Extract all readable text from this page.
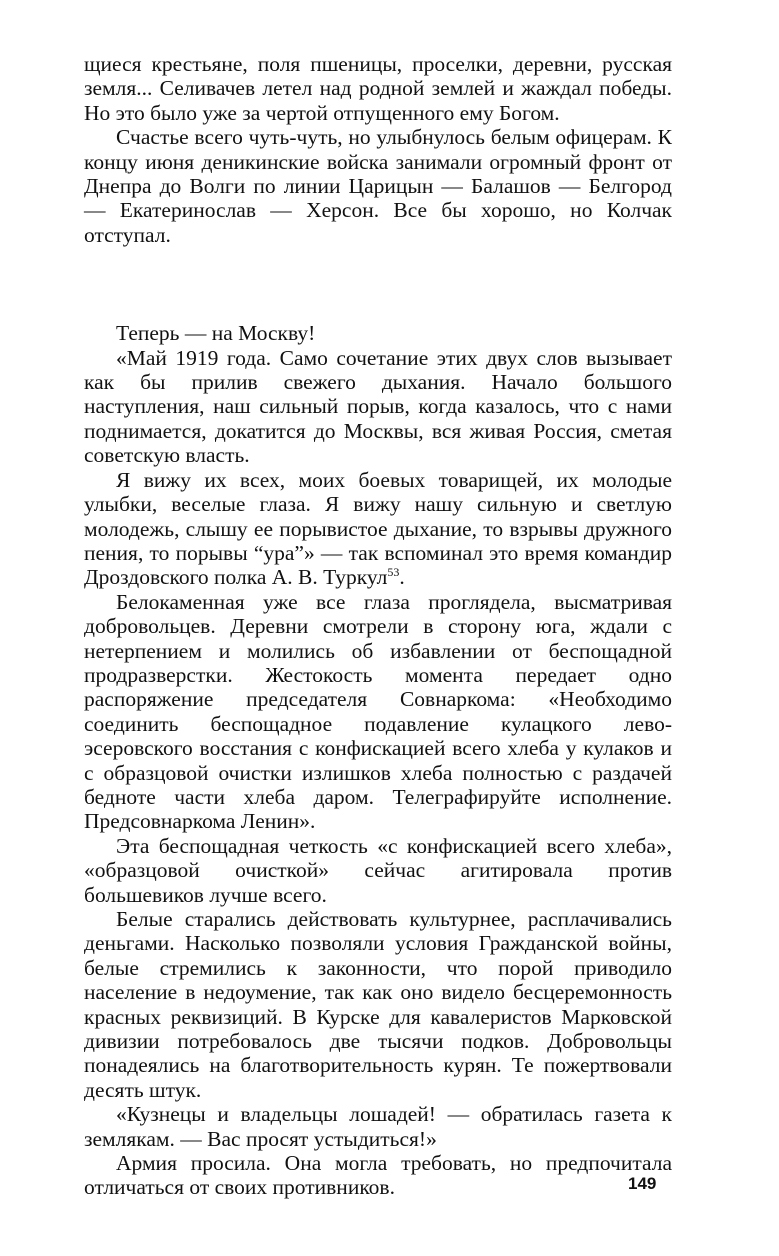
щиеся крестьяне, поля пшеницы, проселки, деревни, русская земля... Селивачев летел над родной землей и жаждал победы. Но это было уже за чертой отпущенного ему Богом.

Счастье всего чуть-чуть, но улыбнулось белым офицерам. К концу июня деникинские войска занимали огромный фронт от Днепра до Волги по линии Царицын — Балашов — Белгород — Екатеринослав — Херсон. Все бы хорошо, но Колчак отступал.

Теперь — на Москву!

«Май 1919 года. Само сочетание этих двух слов вызывает как бы прилив свежего дыхания. Начало большого наступления, наш сильный порыв, когда казалось, что с нами поднимается, докатится до Москвы, вся живая Россия, сметая советскую власть.

Я вижу их всех, моих боевых товарищей, их молодые улыбки, веселые глаза. Я вижу нашу сильную и светлую молодежь, слышу ее порывистое дыхание, то взрывы дружного пения, то порывы “ура”» — так вспоминал это время командир Дроздовского полка А. В. Туркул$^{53}$.

Белокаменная уже все глаза проглядела, высматривая добровольцев. Деревни смотрели в сторону юга, ждали с нетерпением и молились об избавлении от беспощадной продразверстки. Жестокость момента передает одно распоряжение председателя Совнаркома: «Необходимо соединить беспощадное подавление кулацкого лево-эсеровского восстания с конфискацией всего хлеба у кулаков и с образцовой очистки излишков хлеба полностью с раздачей бедноте части хлеба даром. Телеграфируйте исполнение. Предсовнаркома Ленин».

Эта беспощадная четкость «с конфискацией всего хлеба», «образцовой очисткой» сейчас агитировала против большевиков лучше всего.

Белые старались действовать культурнее, расплачивались деньгами. Насколько позволяли условия Гражданской войны, белые стремились к законности, что порой приводило население в недоумение, так как оно видело бесцеремонность красных реквизиций. В Курске для кавалеристов Марковской дивизии потребовалось две тысячи подков. Добровольцы понадеялись на благотворительность курян. Те пожертвовали десять штук.

«Кузнецы и владельцы лошадей! — обратилась газета к землякам. — Вас просят устыдиться!»

Армия просила. Она могла требовать, но предпочитала отличаться от своих противников.	149
